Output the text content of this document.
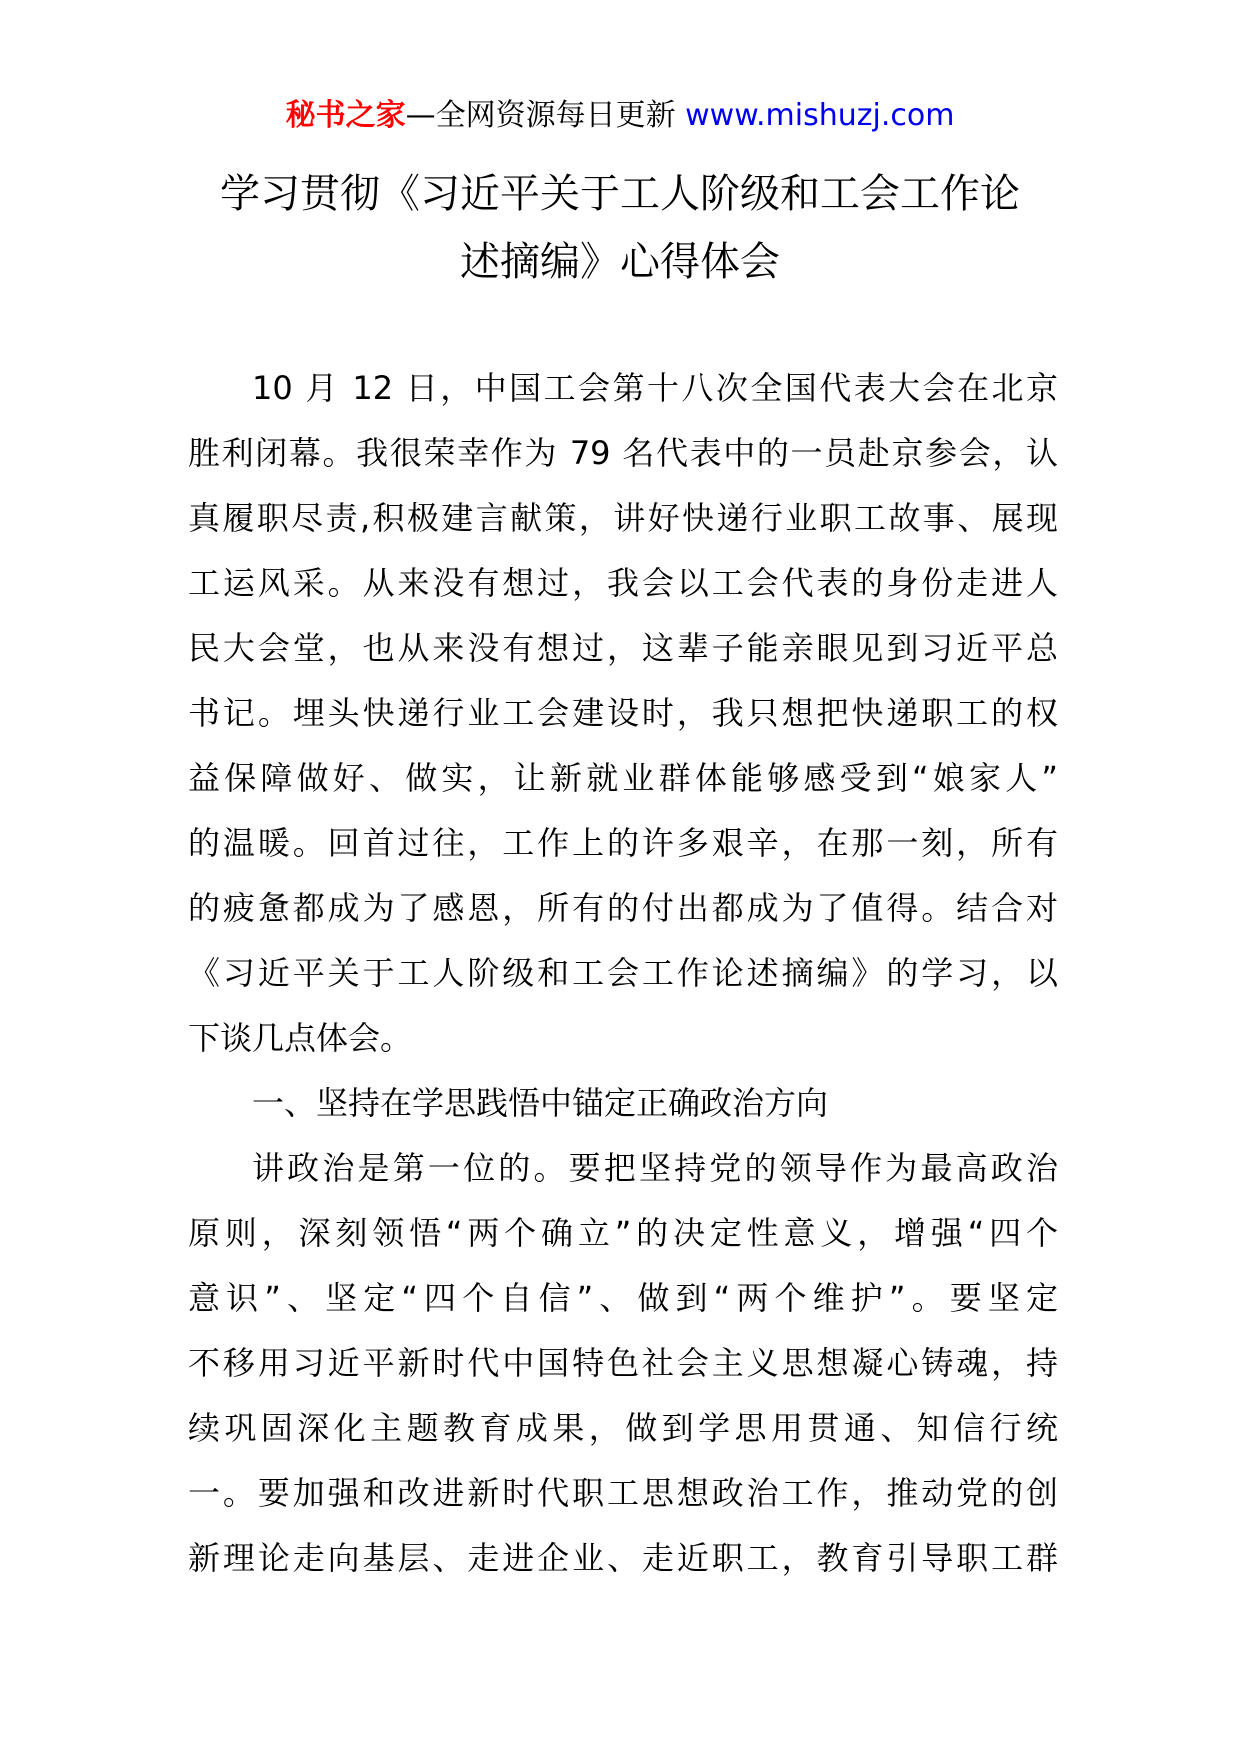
秘书之家—全网资源每日更新 www.mishuzj.com
学习贯彻《习近平关于工人阶级和工会工作论
述摘编》心得体会
10 月 12 日，中国工会第十八次全国代表大会在北京
胜利闭幕。我很荣幸作为 79 名代表中的一员赴京参会，认
真履职尽责,积极建言献策，讲好快递行业职工故事、展现
工运风采。从来没有想过，我会以工会代表的身份走进人
民大会堂，也从来没有想过，这辈子能亲眼见到习近平总
书记。埋头快递行业工会建设时，我只想把快递职工的权
益保障做好、做实，让新就业群体能够感受到“娘家人”
的温暖。回首过往，工作上的许多艰辛，在那一刻，所有
的疲惫都成为了感恩，所有的付出都成为了值得。结合对
《习近平关于工人阶级和工会工作论述摘编》的学习，以
下谈几点体会。
一、坚持在学思践悟中锚定正确政治方向
讲政治是第一位的。要把坚持党的领导作为最高政治
原则，深刻领悟“两个确立”的决定性意义，增强“四个
意识”、坚定“四个自信”、做到“两个维护”。要坚定
不移用习近平新时代中国特色社会主义思想凝心铸魂，持
续巩固深化主题教育成果，做到学思用贯通、知信行统
一。要加强和改进新时代职工思想政治工作，推动党的创
新理论走向基层、走进企业、走近职工，教育引导职工群
